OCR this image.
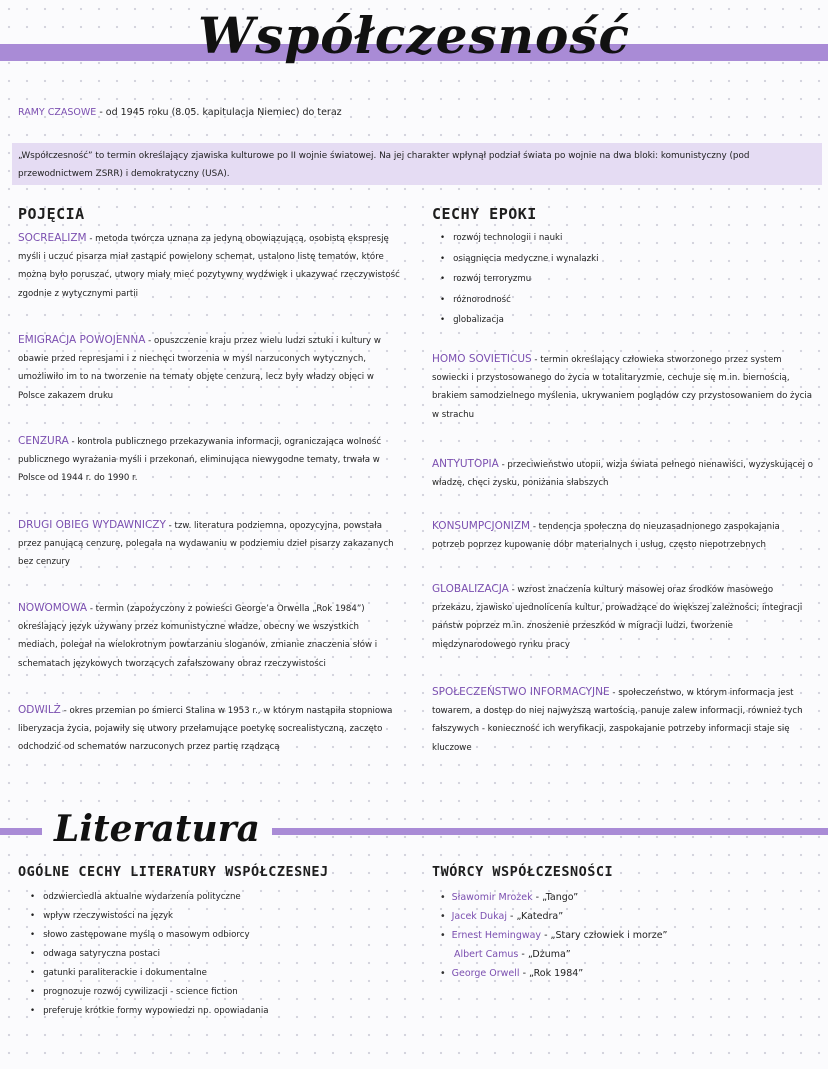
Współczesność
RAMY CZASOWE - od 1945 roku (8.05. kapitulacja Niemiec) do teraz
„Współczesność” to termin określający zjawiska kulturowe po II wojnie światowej. Na jej charakter wpłynął podział świata po wojnie na dwa bloki: komunistyczny (pod przewodnictwem ZSRR) i demokratyczny (USA).
POJĘCIA
SOCREALIZM - metoda twórcza uznana za jedyną obowiązującą, osobistą ekspresję myśli i uczuć pisarza miał zastąpić powielony schemat, ustalono listę tematów, które można było poruszać, utwory miały mieć pozytywny wydźwięk i ukazywać rzeczywistość zgodnie z wytycznymi partii
EMIGRACJA POWOJENNA - opuszczenie kraju przez wielu ludzi sztuki i kultury w obawie przed represjami i z niechęci tworzenia w myśl narzuconych wytycznych, umożliwiło im to na tworzenie na tematy objęte cenzurą, lecz były władzy objęci w Polsce zakazem druku
CENZURA - kontrola publicznego przekazywania informacji, ograniczająca wolność publicznego wyrażania myśli i przekonań, eliminująca niewygodne tematy, trwała w Polsce od 1944 r. do 1990 r.
DRUGI OBIEG WYDAWNICZY - tzw. literatura podziemna, opozycyjna, powstała przez panującą cenzurę, polegała na wydawaniu w podziemiu dzieł pisarzy zakazanych bez cenzury
NOWOMOWA - termin (zapożyczony z powieści George’a Orwella „Rok 1984”) określający język używany przez komunistyczne władze, obecny we wszystkich mediach, polegał na wielokrotnym powtarzaniu sloganów, zmianie znaczenia słów i schematach językowych tworzących zafałszowany obraz rzeczywistości
ODWILŻ - okres przemian po śmierci Stalina w 1953 r., w którym nastąpiła stopniowa liberyzacja życia, pojawiły się utwory przełamujące poetykę socrealistyczną, zaczęto odchodzić od schematów narzuconych przez partię rządzącą
CECHY EPOKI
• rozwój technologii i nauki
• osiągnięcia medyczne i wynalazki
• rozwój terroryzmu
• różnorodność
• globalizacja
HOMO SOVIETICUS - termin określający człowieka stworzonego przez system sowiecki i przystosowanego do życia w totalitaryzmie, cechuje się m.in. biernością, brakiem samodzielnego myślenia, ukrywaniem poglądów czy przystosowaniem do życia w strachu
ANTYUTOPIA - przeciwieństwo utopii, wizja świata pełnego nienawiści, wyzyskującej o władzę, chęci zysku, poniżania słabszych
KONSUMPCJONIZM - tendencja społeczna do nieuzasadnionego zaspokajania potrzeb poprzez kupowanie dóbr materialnych i usług, często niepotrzebnych
GLOBALIZACJA - wzrost znaczenia kultury masowej oraz środków masowego przekazu, zjawisko ujednolicenia kultur, prowadzące do większej zależności; integracji państw poprzez m.in. znoszenie przeszkód w migracji ludzi, tworzenie międzynarodowego rynku pracy
SPOŁECZEŃSTWO INFORMACYJNE - społeczeństwo, w którym informacja jest towarem, a dostęp do niej najwyższą wartością, panuje zalew informacji, również tych fałszywych - konieczność ich weryfikacji, zaspokajanie potrzeby informacji staje się kluczowe
Literatura
OGÓLNE CECHY LITERATURY WSPÓŁCZESNEJ
• odzwierciedla aktualne wydarzenia polityczne
• wpływ rzeczywistości na język
• słowo zastępowane myślą o masowym odbiorcy
• odwaga satyryczna postaci
• gatunki paraliterackie i dokumentalne
• prognozuje rozwój cywilizacji - science fiction
• preferuje krótkie formy wypowiedzi np. opowiadania
TWÓRCY WSPÓŁCZESNOŚCI
• Sławomir Mrożek - „Tango”
• Jacek Dukaj - „Katedra”
• Ernest Hemingway - „Stary człowiek i morze”
Albert Camus - „Dżuma”
• George Orwell - „Rok 1984”
